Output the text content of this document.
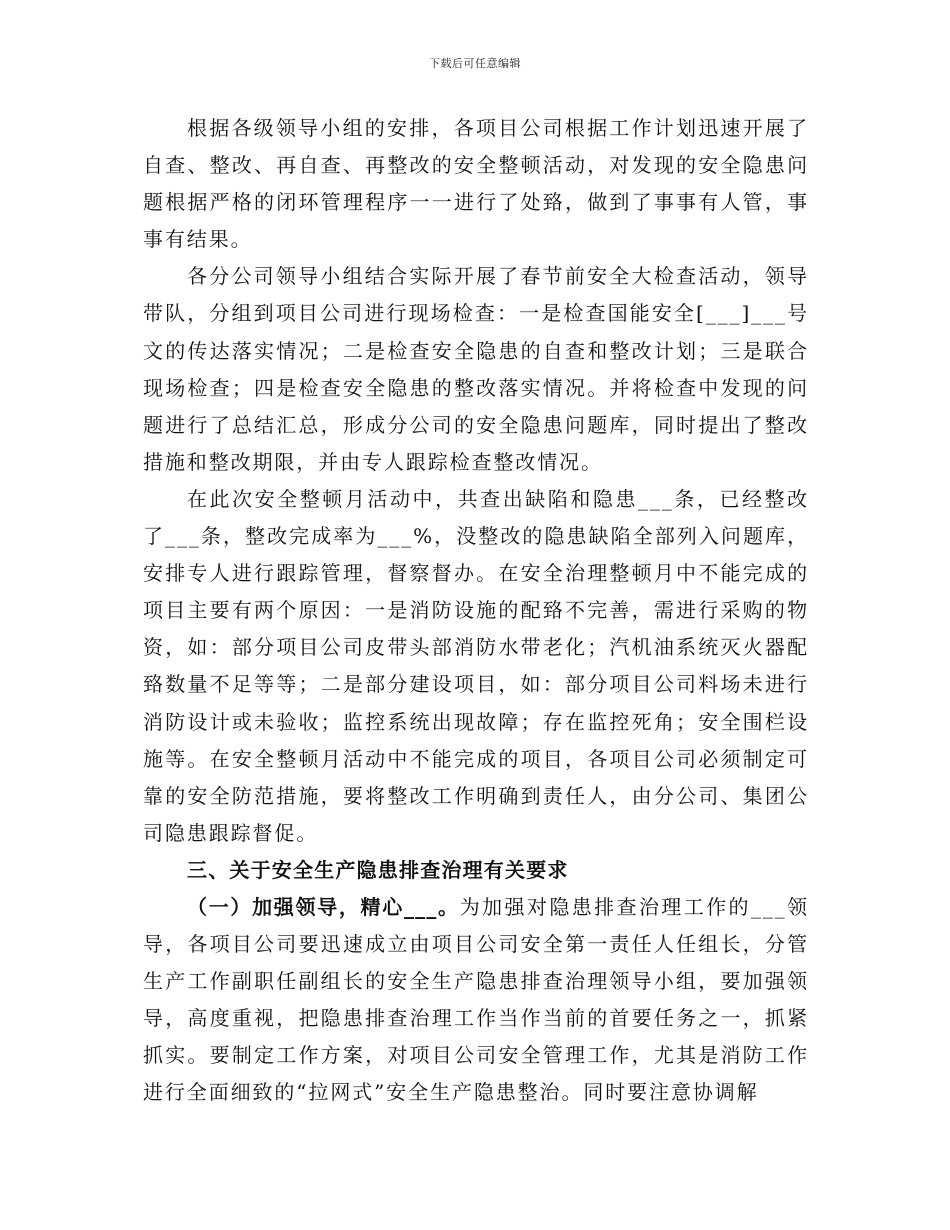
下载后可任意编辑

根据各级领导小组的安排，各项目公司根据工作计划迅速开展了自查、整改、再自查、再整改的安全整顿活动，对发现的安全隐患问题根据严格的闭环管理程序一一进行了处臵，做到了事事有人管，事事有结果。

各分公司领导小组结合实际开展了春节前安全大检查活动，领导带队，分组到项目公司进行现场检查：一是检查国能安全[___]___号文的传达落实情况；二是检查安全隐患的自查和整改计划；三是联合现场检查；四是检查安全隐患的整改落实情况。并将检查中发现的问题进行了总结汇总，形成分公司的安全隐患问题库，同时提出了整改措施和整改期限，并由专人跟踪检查整改情况。

在此次安全整顿月活动中，共查出缺陷和隐患___条，已经整改了___条，整改完成率为___%，没整改的隐患缺陷全部列入问题库，安排专人进行跟踪管理，督察督办。在安全治理整顿月中不能完成的项目主要有两个原因：一是消防设施的配臵不完善，需进行采购的物资，如：部分项目公司皮带头部消防水带老化；汽机油系统灭火器配臵数量不足等等；二是部分建设项目，如：部分项目公司料场未进行消防设计或未验收；监控系统出现故障；存在监控死角；安全围栏设施等。在安全整顿月活动中不能完成的项目，各项目公司必须制定可靠的安全防范措施，要将整改工作明确到责任人，由分公司、集团公司隐患跟踪督促。

三、关于安全生产隐患排查治理有关要求

（一）加强领导，精心___。为加强对隐患排查治理工作的___领导，各项目公司要迅速成立由项目公司安全第一责任人任组长，分管生产工作副职任副组长的安全生产隐患排查治理领导小组，要加强领导，高度重视，把隐患排查治理工作当作当前的首要任务之一，抓紧抓实。要制定工作方案，对项目公司安全管理工作，尤其是消防工作进行全面细致的“拉网式”安全生产隐患整治。同时要注意协调解
